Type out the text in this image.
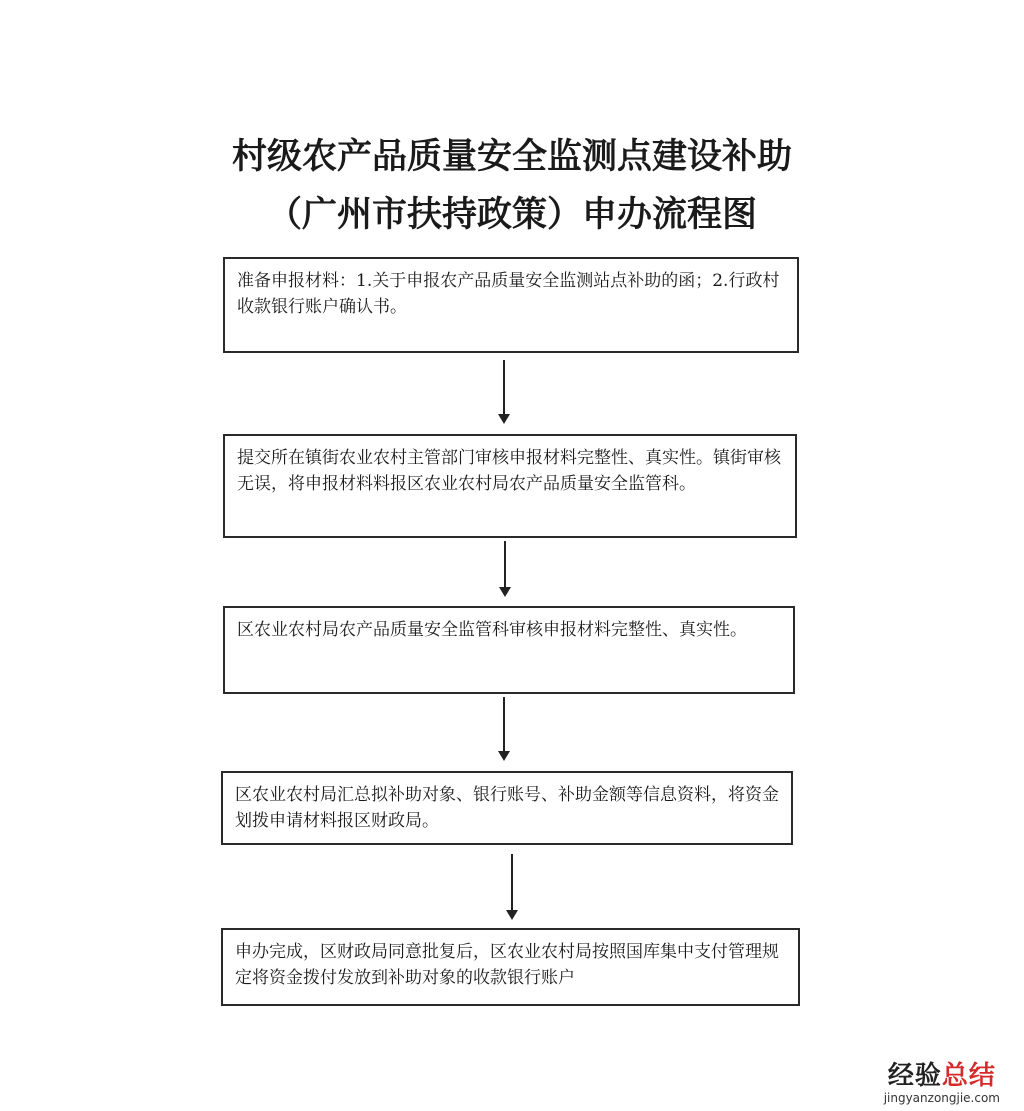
村级农产品质量安全监测点建设补助
（广州市扶持政策）申办流程图
准备申报材料：1.关于申报农产品质量安全监测站点补助的函；2.行政村收款银行账户确认书。
提交所在镇街农业农村主管部门审核申报材料完整性、真实性。镇街审核无误，将申报材料料报区农业农村局农产品质量安全监管科。
区农业农村局农产品质量安全监管科审核申报材料完整性、真实性。
区农业农村局汇总拟补助对象、银行账号、补助金额等信息资料，将资金划拨申请材料报区财政局。
申办完成，区财政局同意批复后，区农业农村局按照国库集中支付管理规定将资金拨付发放到补助对象的收款银行账户
经验总结
jingyanzongjie.com
